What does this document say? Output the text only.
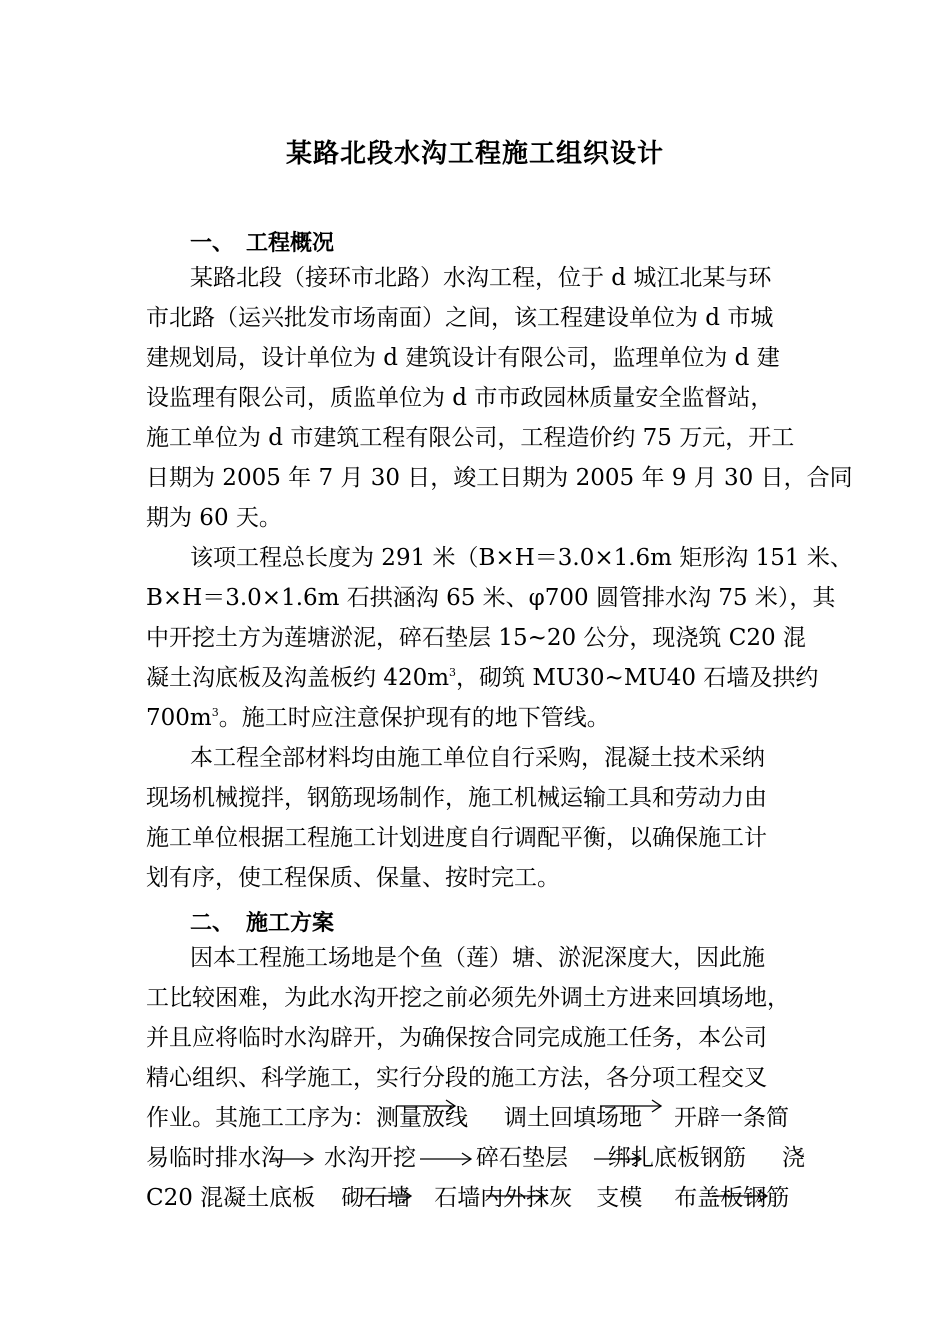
某路北段水沟工程施工组织设计
一、 工程概况
某路北段（接环市北路）水沟工程，位于 d 城江北某与环
市北路（运兴批发市场南面）之间，该工程建设单位为 d 市城
建规划局，设计单位为 d 建筑设计有限公司，监理单位为 d 建
设监理有限公司，质监单位为 d 市市政园林质量安全监督站，
施工单位为 d 市建筑工程有限公司，工程造价约 75 万元，开工
日期为 2005 年 7 月 30 日，竣工日期为 2005 年 9 月 30 日，合同
期为 60 天。
该项工程总长度为 291 米（B×H＝3.0×1.6m 矩形沟 151 米、
B×H＝3.0×1.6m 石拱涵沟 65 米、φ700 圆管排水沟 75 米），其
中开挖土方为莲塘淤泥，碎石垫层 15~20 公分，现浇筑 C20 混
凝土沟底板及沟盖板约 $420m^3$，砌筑 MU30~MU40 石墙及拱约
$700m^3$。施工时应注意保护现有的地下管线。
本工程全部材料均由施工单位自行采购，混凝土技术采纳
现场机械搅拌，钢筋现场制作，施工机械运输工具和劳动力由
施工单位根据工程施工计划进度自行调配平衡，以确保施工计
划有序，使工程保质、保量、按时完工。
二、 施工方案
因本工程施工场地是个鱼（莲）塘、淤泥深度大，因此施
工比较困难，为此水沟开挖之前必须先外调土方进来回填场地，
并且应将临时水沟辟开，为确保按合同完成施工任务，本公司
精心组织、科学施工，实行分段的施工方法，各分项工程交叉
作业。其施工工序为：测量放线 调土回填场地 开辟一条简
易临时排水沟 水沟开挖	碎石垫层 绑扎底板钢筋 浇
C20 混凝土底板 砌石墙 石墙内外抹灰 支模 布盖板钢筋
